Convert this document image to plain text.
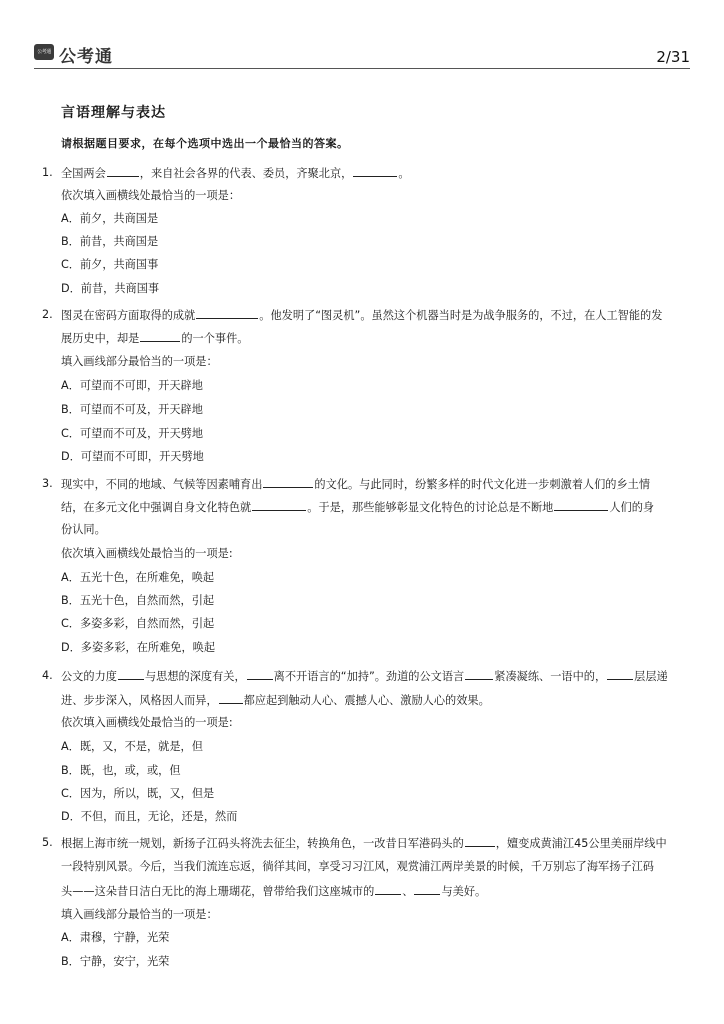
公考通 公考通	2/31
言语理解与表达
请根据题目要求，在每个选项中选出一个最恰当的答案。
1. 全国两会	，来自社会各界的代表、委员，齐聚北京，	。
依次填入画横线处最恰当的一项是：
A．前夕，共商国是
B．前昔，共商国是
C．前夕，共商国事
D．前昔，共商国事
2. 图灵在密码方面取得的成就	。他发明了“图灵机”。虽然这个机器当时是为战争服务的，不过，在人工智能的发
展历史中，却是	的一个事件。
填入画线部分最恰当的一项是：
A．可望而不可即，开天辟地
B．可望而不可及，开天辟地
C．可望而不可及，开天劈地
D．可望而不可即，开天劈地
3. 现实中，不同的地域、气候等因素哺育出	的文化。与此同时，纷繁多样的时代文化进一步刺激着人们的乡土情
结，在多元文化中强调自身文化特色就	。于是，那些能够彰显文化特色的讨论总是不断地	人们的身
份认同。
依次填入画横线处最恰当的一项是:
A．五光十色，在所难免，唤起
B．五光十色，自然而然，引起
C．多姿多彩，自然而然，引起
D．多姿多彩，在所难免，唤起
4. 公文的力度	与思想的深度有关，	离不开语言的“加持”。劲道的公文语言	紧凑凝练、一语中的，	层层递
进、步步深入，风格因人而异， 都应起到触动人心、震撼人心、激励人心的效果。
依次填入画横线处最恰当的一项是:
A．既，又，不是，就是，但
B．既，也，或，或，但
C．因为，所以，既，又，但是
D．不但，而且，无论，还是，然而
5. 根据上海市统一规划，新扬子江码头将洗去征尘，转换角色，一改昔日军港码头的	，嬗变成黄浦江45公里美丽岸线中
一段特别风景。今后，当我们流连忘返，徜徉其间，享受习习江风，观赏浦江两岸美景的时候，千万别忘了海军扬子江码
头——这朵昔日洁白无比的海上珊瑚花，曾带给我们这座城市的	、	与美好。
填入画线部分最恰当的一项是：
A．肃穆，宁静，光荣
B．宁静，安宁，光荣
